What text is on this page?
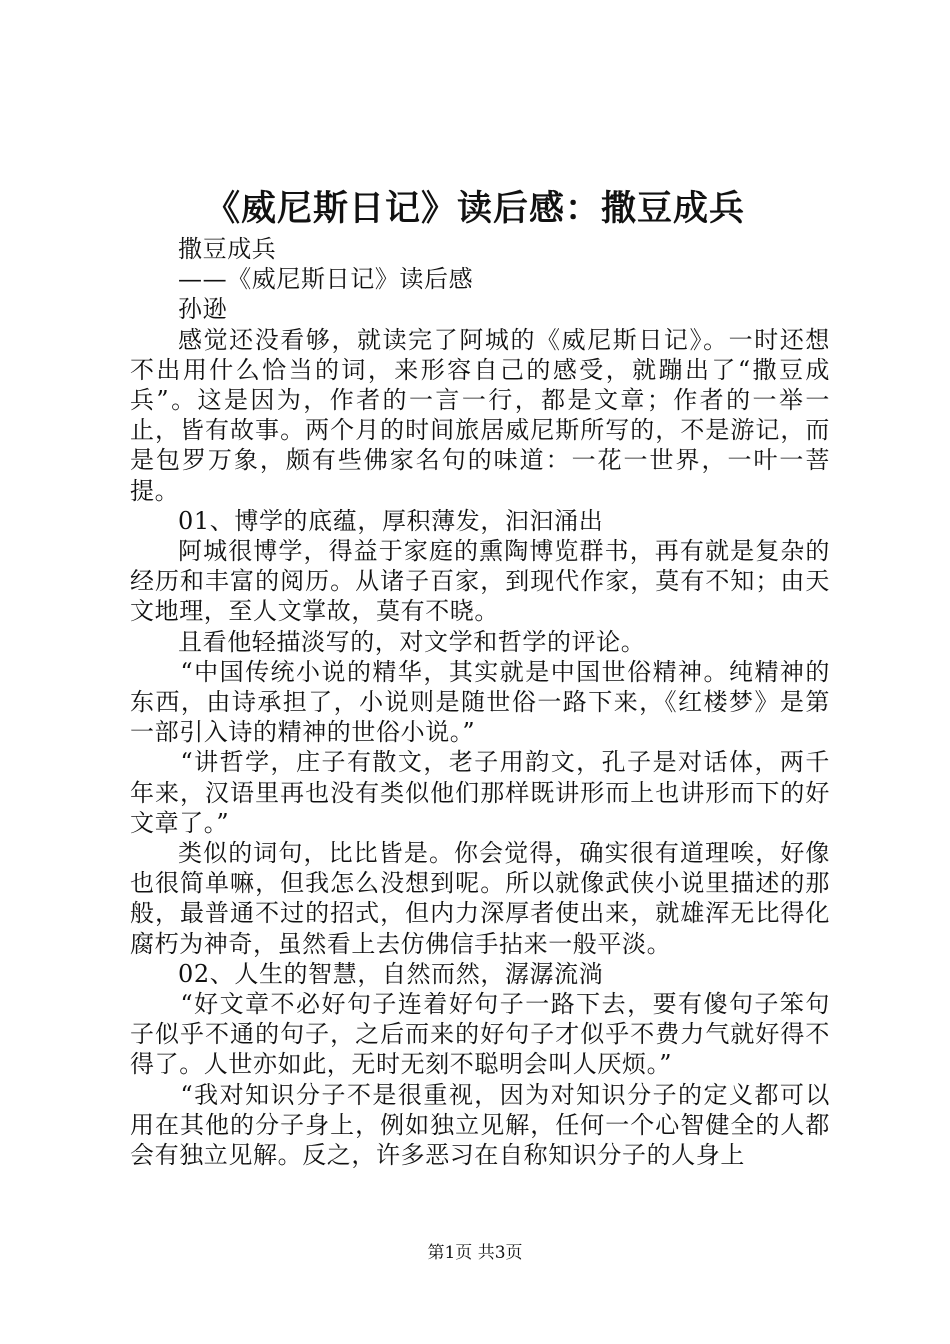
《威尼斯日记》读后感：撒豆成兵

撒豆成兵

——《威尼斯日记》读后感

孙逊

感觉还没看够，就读完了阿城的《威尼斯日记》。一时还想不出用什么恰当的词，来形容自己的感受，就蹦出了“撒豆成兵”。这是因为，作者的一言一行，都是文章；作者的一举一止，皆有故事。两个月的时间旅居威尼斯所写的，不是游记，而是包罗万象，颇有些佛家名句的味道：一花一世界，一叶一菩提。

01、博学的底蕴，厚积薄发，汩汩涌出

阿城很博学，得益于家庭的熏陶博览群书，再有就是复杂的经历和丰富的阅历。从诸子百家，到现代作家，莫有不知；由天文地理，至人文掌故，莫有不晓。

且看他轻描淡写的，对文学和哲学的评论。

“中国传统小说的精华，其实就是中国世俗精神。纯精神的东西，由诗承担了，小说则是随世俗一路下来，《红楼梦》是第一部引入诗的精神的世俗小说。”

“讲哲学，庄子有散文，老子用韵文，孔子是对话体，两千年来，汉语里再也没有类似他们那样既讲形而上也讲形而下的好文章了。”

类似的词句，比比皆是。你会觉得，确实很有道理唉，好像也很简单嘛，但我怎么没想到呢。所以就像武侠小说里描述的那般，最普通不过的招式，但内力深厚者使出来，就雄浑无比得化腐朽为神奇，虽然看上去仿佛信手拈来一般平淡。

02、人生的智慧，自然而然，潺潺流淌

“好文章不必好句子连着好句子一路下去，要有傻句子笨句子似乎不通的句子，之后而来的好句子才似乎不费力气就好得不得了。人世亦如此，无时无刻不聪明会叫人厌烦。”

“我对知识分子不是很重视，因为对知识分子的定义都可以用在其他的分子身上，例如独立见解，任何一个心智健全的人都会有独立见解。反之，许多恶习在自称知识分子的人身上

第1页 共3页
